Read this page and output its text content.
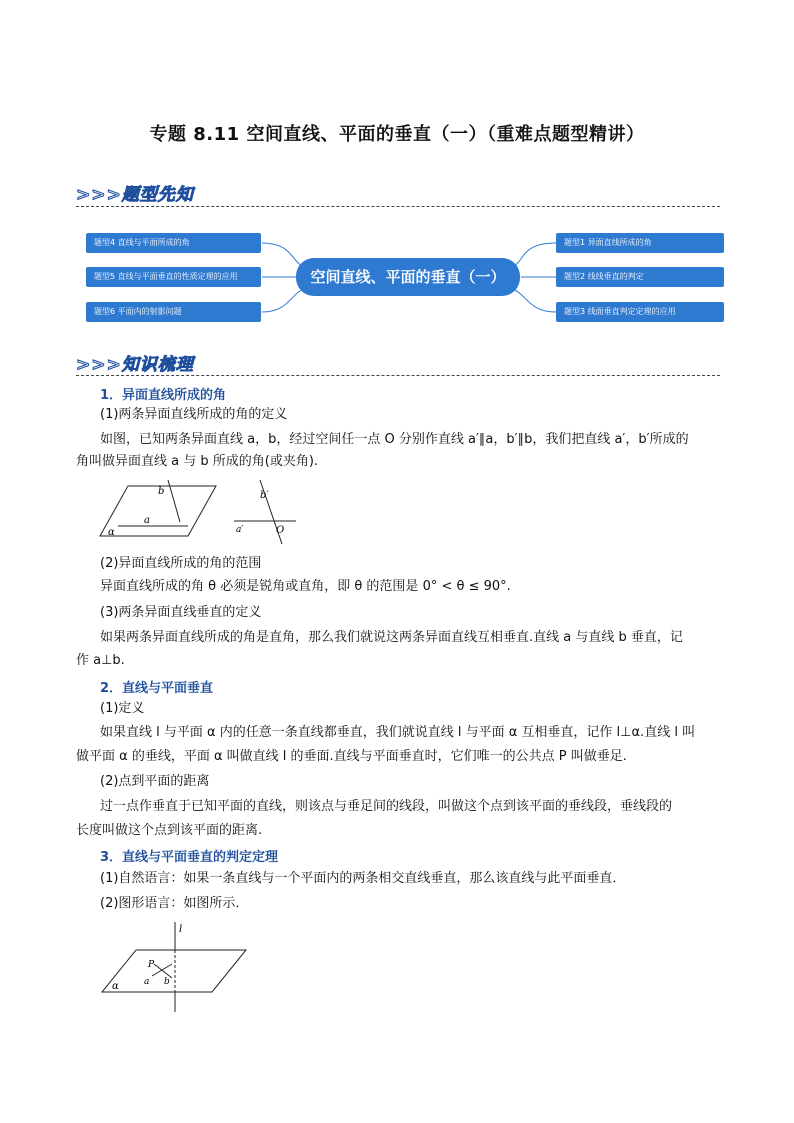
专题 8.11 空间直线、平面的垂直（一）（重难点题型精讲）
>>>题型先知
题型4 直线与平面所成的角
题型5 直线与平面垂直的性质定理的应用
题型6 平面内的射影问题
空间直线、平面的垂直（一）
题型1 异面直线所成的角
题型2 线线垂直的判定
题型3 线面垂直判定定理的应用
>>>知识梳理
1．异面直线所成的角
(1)两条异面直线所成的角的定义
如图，已知两条异面直线 a，b，经过空间任一点 O 分别作直线 a′∥a，b′∥b，我们把直线 a′，b′所成的
角叫做异面直线 a 与 b 所成的角(或夹角).
b
a
α
b′
a′	O
(2)异面直线所成的角的范围
异面直线所成的角 θ 必须是锐角或直角，即 θ 的范围是 0° < θ ≤ 90°.
(3)两条异面直线垂直的定义
如果两条异面直线所成的角是直角，那么我们就说这两条异面直线互相垂直.直线 a 与直线 b 垂直，记
作 a⊥b.
2．直线与平面垂直
(1)定义
如果直线 l 与平面 α 内的任意一条直线都垂直，我们就说直线 l 与平面 α 互相垂直，记作 l⊥α.直线 l 叫
做平面 α 的垂线，平面 α 叫做直线 l 的垂面.直线与平面垂直时，它们唯一的公共点 P 叫做垂足.
(2)点到平面的距离
过一点作垂直于已知平面的直线，则该点与垂足间的线段，叫做这个点到该平面的垂线段，垂线段的
长度叫做这个点到该平面的距离.
3．直线与平面垂直的判定定理
(1)自然语言：如果一条直线与一个平面内的两条相交直线垂直，那么该直线与此平面垂直．
(2)图形语言：如图所示．
l
P
a b
α
